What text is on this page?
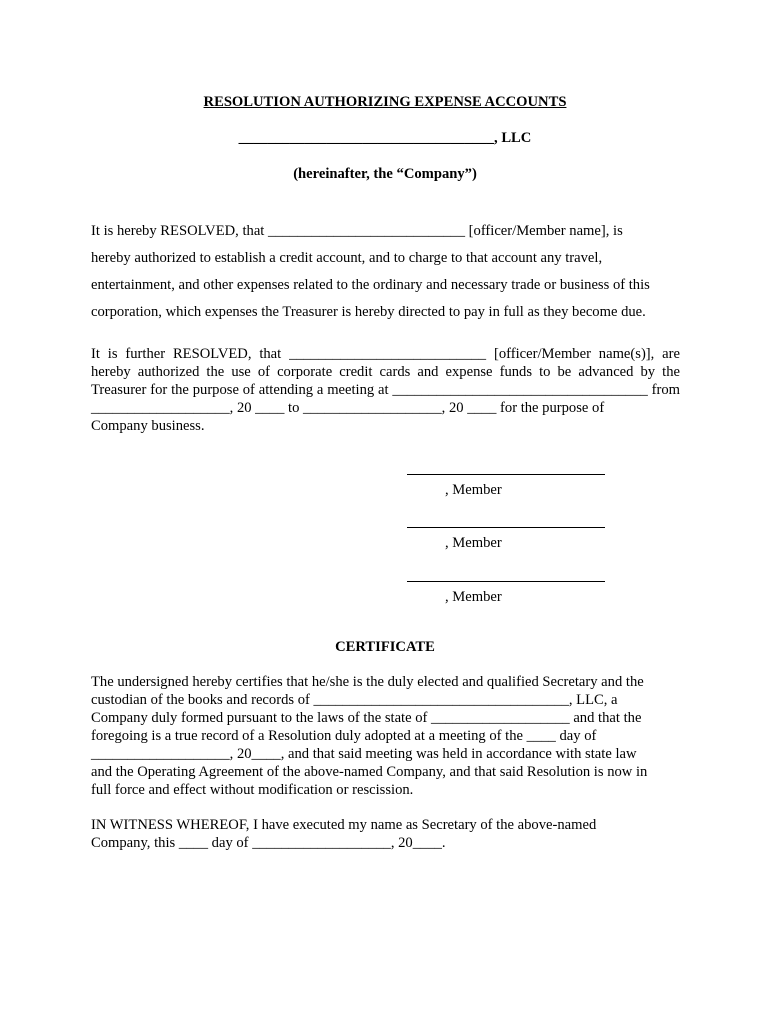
RESOLUTION AUTHORIZING EXPENSE ACCOUNTS
___________________________________, LLC
(hereinafter, the “Company”)

It is hereby RESOLVED, that ___________________________ [officer/Member name], is
hereby authorized to establish a credit account, and to charge to that account any travel,
entertainment, and other expenses related to the ordinary and necessary trade or business of this
corporation, which expenses the Treasurer is hereby directed to pay in full as they become due.

It is further RESOLVED, that ___________________________ [officer/Member name(s)], are hereby authorized the use of corporate credit cards and expense funds to be advanced by the Treasurer for the purpose of attending a meeting at ___________________________________ from ___________________, 20 ____ to ___________________, 20 ____ for the purpose of
Company business.

, Member
, Member
, Member
CERTIFICATE

The undersigned hereby certifies that he/she is the duly elected and qualified Secretary and the
custodian of the books and records of ___________________________________, LLC, a
Company duly formed pursuant to the laws of the state of ___________________ and that the
foregoing is a true record of a Resolution duly adopted at a meeting of the ____ day of
___________________, 20____, and that said meeting was held in accordance with state law
and the Operating Agreement of the above-named Company, and that said Resolution is now in
full force and effect without modification or rescission.

IN WITNESS WHEREOF, I have executed my name as Secretary of the above-named
Company, this ____ day of ___________________, 20____.
